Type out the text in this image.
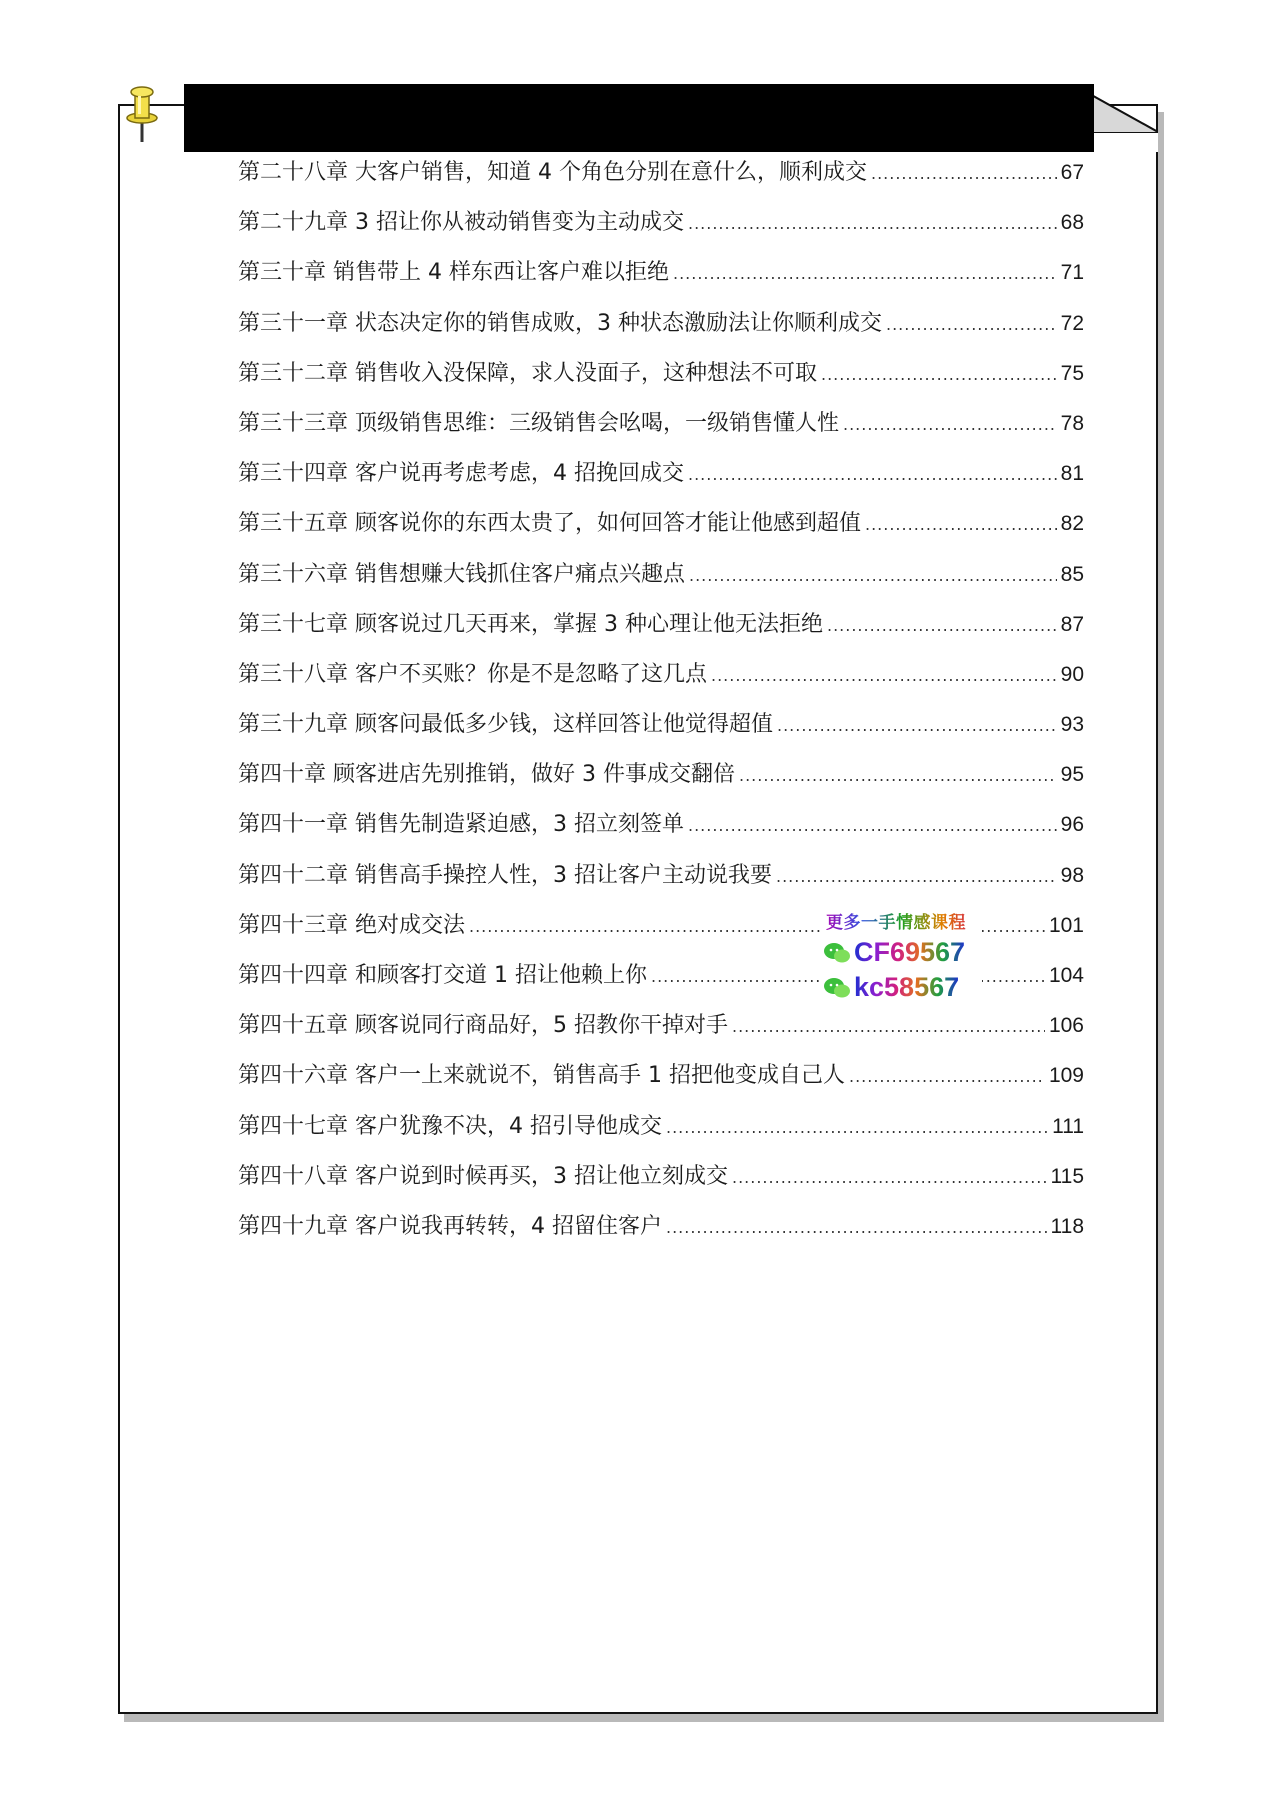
第二十八章 大客户销售，知道 4 个角色分别在意什么，顺利成交 .....	67
第二十九章 3 招让你从被动销售变为主动成交 .....	68
第三十章 销售带上 4 样东西让客户难以拒绝 .....	71
第三十一章 状态决定你的销售成败，3 种状态激励法让你顺利成交 .....	72
第三十二章 销售收入没保障，求人没面子，这种想法不可取 .....	75
第三十三章 顶级销售思维：三级销售会吆喝，一级销售懂人性 .....	78
第三十四章 客户说再考虑考虑，4 招挽回成交 .....	81
第三十五章 顾客说你的东西太贵了，如何回答才能让他感到超值 .....	82
第三十六章 销售想赚大钱抓住客户痛点兴趣点 .....	85
第三十七章 顾客说过几天再来，掌握 3 种心理让他无法拒绝 .....	87
第三十八章 客户不买账？你是不是忽略了这几点 .....	90
第三十九章 顾客问最低多少钱，这样回答让他觉得超值 .....	93
第四十章 顾客进店先别推销，做好 3 件事成交翻倍 .....	95
第四十一章 销售先制造紧迫感，3 招立刻签单 .....	96
第四十二章 销售高手操控人性，3 招让客户主动说我要 .....	98
第四十三章 绝对成交法 .....	101
第四十四章 和顾客打交道 1 招让他赖上你 .....	104
第四十五章 顾客说同行商品好，5 招教你干掉对手 .....	106
第四十六章 客户一上来就说不，销售高手 1 招把他变成自己人 .....	109
第四十七章 客户犹豫不决，4 招引导他成交 .....	111
第四十八章 客户说到时候再买，3 招让他立刻成交 .....	115
第四十九章 客户说我再转转，4 招留住客户 .....	118
更多一手情感课程
CF69567
kc58567
